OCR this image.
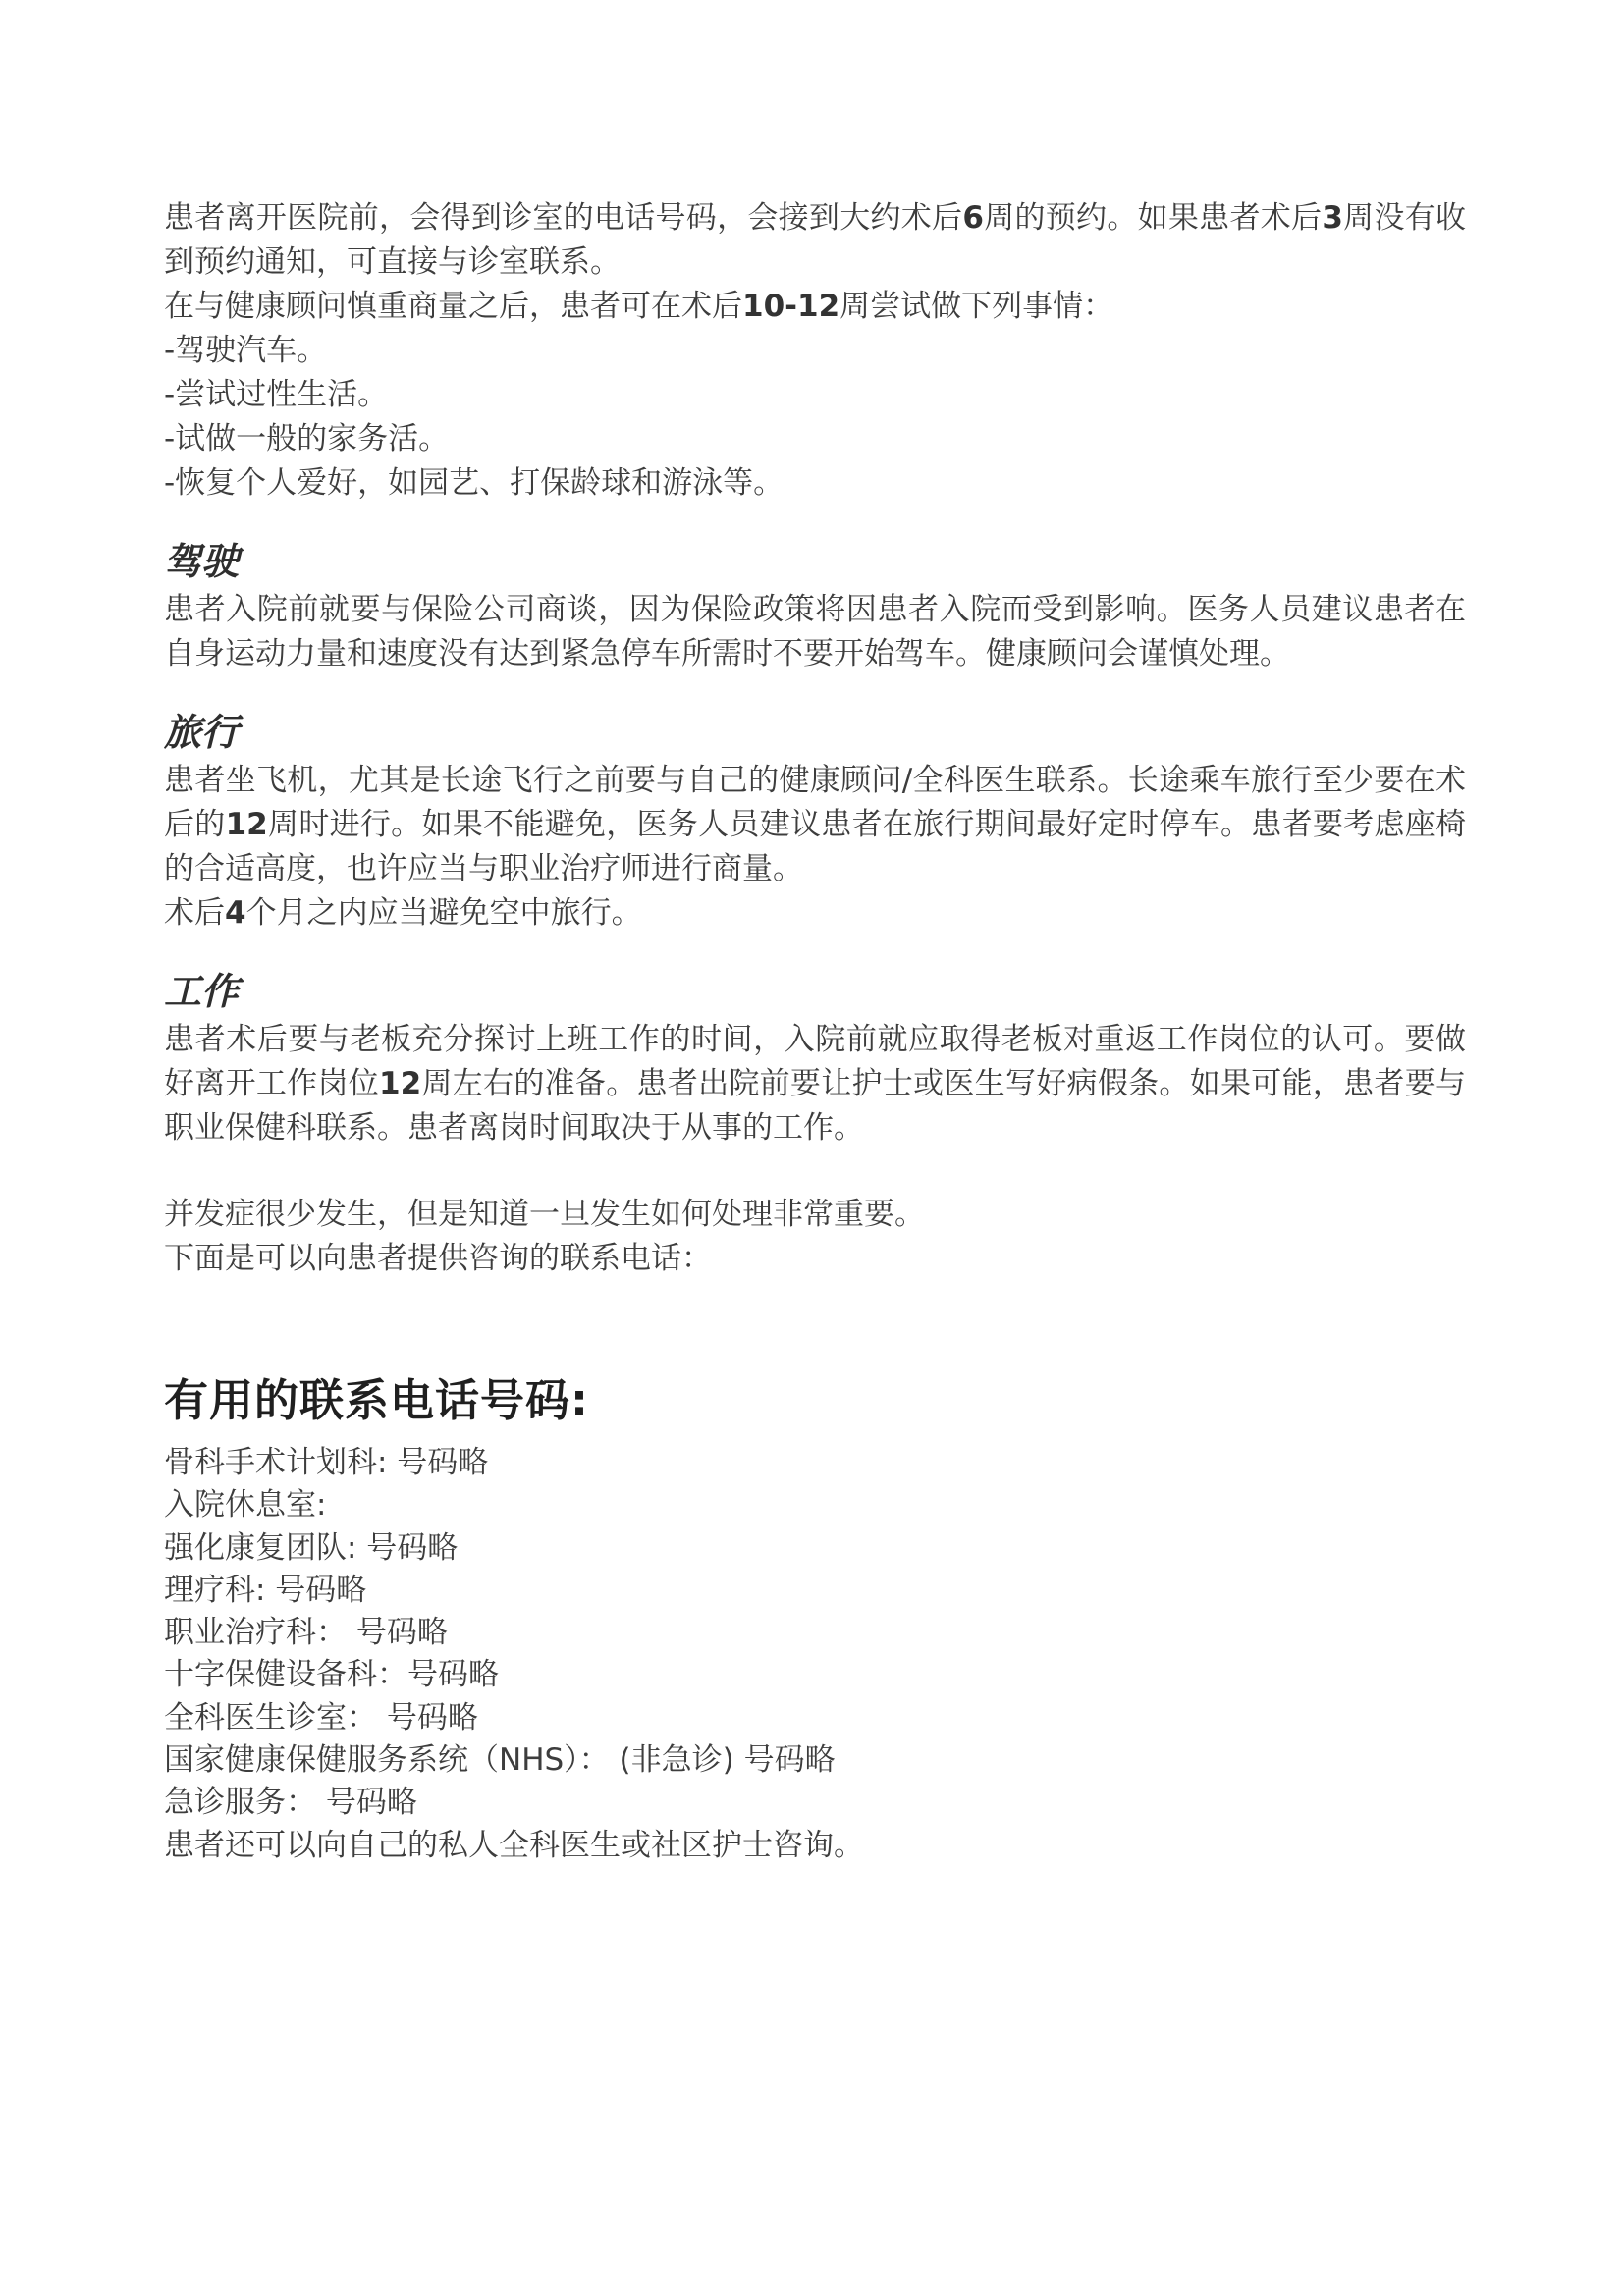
患者离开医院前，会得到诊室的电话号码，会接到大约术后6周的预约。如果患者术后3周没有收到预约通知，可直接与诊室联系。

在与健康顾问慎重商量之后，患者可在术后10-12周尝试做下列事情：

-驾驶汽车。
-尝试过性生活。
-试做一般的家务活。
-恢复个人爱好，如园艺、打保龄球和游泳等。
驾驶

患者入院前就要与保险公司商谈，因为保险政策将因患者入院而受到影响。医务人员建议患者在自身运动力量和速度没有达到紧急停车所需时不要开始驾车。健康顾问会谨慎处理。

旅行

患者坐飞机，尤其是长途飞行之前要与自己的健康顾问/全科医生联系。长途乘车旅行至少要在术后的12周时进行。如果不能避免，医务人员建议患者在旅行期间最好定时停车。患者要考虑座椅的合适高度，也许应当与职业治疗师进行商量。

术后4个月之内应当避免空中旅行。

工作

患者术后要与老板充分探讨上班工作的时间，入院前就应取得老板对重返工作岗位的认可。要做好离开工作岗位12周左右的准备。患者出院前要让护士或医生写好病假条。如果可能，患者要与职业保健科联系。患者离岗时间取决于从事的工作。

并发症很少发生，但是知道一旦发生如何处理非常重要。

下面是可以向患者提供咨询的联系电话：

有用的联系电话号码:
骨科手术计划科: 号码略
入院休息室:
强化康复团队: 号码略
理疗科: 号码略
职业治疗科： 号码略
十字保健设备科：号码略
全科医生诊室： 号码略
国家健康保健服务系统（NHS）： (非急诊) 号码略
急诊服务： 号码略
患者还可以向自己的私人全科医生或社区护士咨询。
